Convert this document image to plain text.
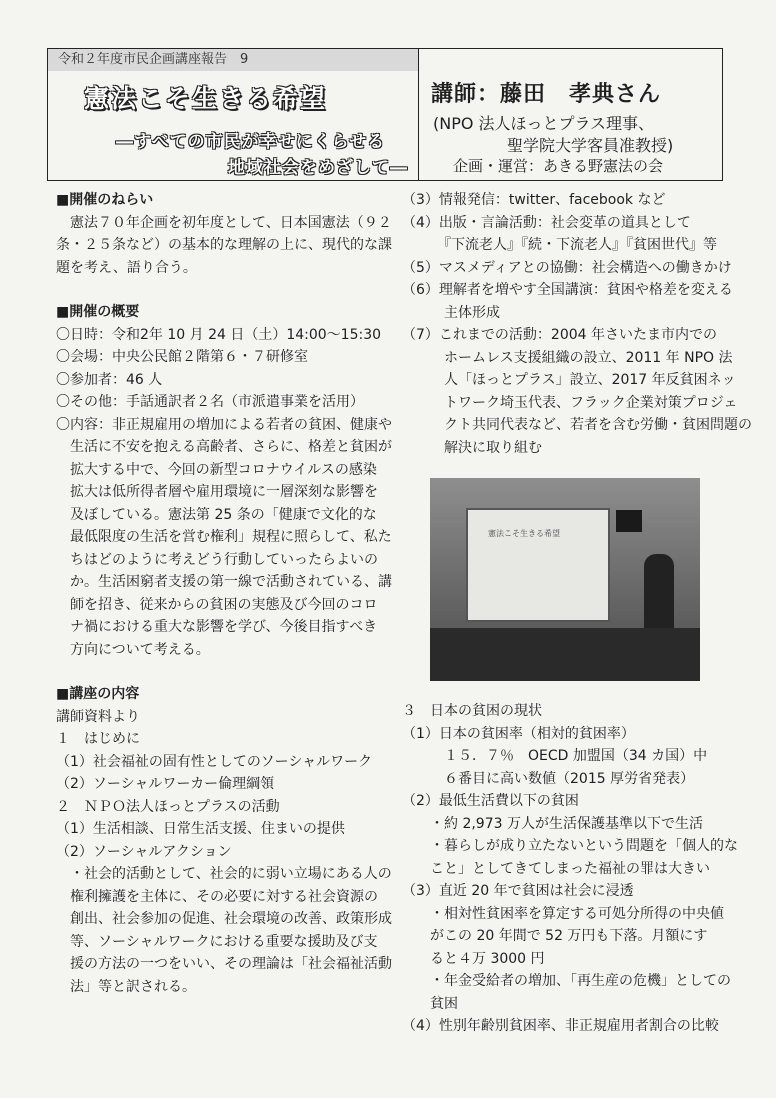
令和２年度市民企画講座報告　9
憲法こそ生きる希望
―すべての市民が幸せにくらせる
地域社会をめざして―
講師：藤田　孝典さん
(NPO 法人ほっとプラス理事、
聖学院大学客員准教授)
企画・運営：あきる野憲法の会

■開催のねらい

　憲法７０年企画を初年度として、日本国憲法（９２

条・２５条など）の基本的な理解の上に、現代的な課

題を考え、語り合う。

■開催の概要

〇日時：令和2年 10 月 24 日（土）14:00～15:30

〇会場：中央公民館２階第６・７研修室

〇参加者：46 人

〇その他：手話通訳者２名（市派遣事業を活用）

〇内容：非正規雇用の増加による若者の貧困、健康や

　生活に不安を抱える高齢者、さらに、格差と貧困が

　拡大する中で、今回の新型コロナウイルスの感染

　拡大は低所得者層や雇用環境に一層深刻な影響を

　及ぼしている。憲法第 25 条の「健康で文化的な

　最低限度の生活を営む権利」規程に照らして、私た

　ちはどのように考えどう行動していったらよいの

　か。生活困窮者支援の第一線で活動されている、講

　師を招き、従来からの貧困の実態及び今回のコロ

　ナ禍における重大な影響を学び、今後目指すべき

　方向について考える。

■講座の内容

講師資料より

１　はじめに

（1）社会福祉の固有性としてのソーシャルワーク

（2）ソーシャルワーカー倫理綱領

２　ＮＰＯ法人ほっとプラスの活動

（1）生活相談、日常生活支援、住まいの提供

（2）ソーシャルアクション

　・社会的活動として、社会的に弱い立場にある人の

　権利擁護を主体に、その必要に対する社会資源の

　創出、社会参加の促進、社会環境の改善、政策形成

　等、ソーシャルワークにおける重要な援助及び支

　援の方法の一つをいい、その理論は「社会福祉活動

　法」等と訳される。

（3）情報発信：twitter、facebook など

（4）出版・言論活動：社会変革の道具として

　　　『下流老人』『続・下流老人』『貧困世代』等

（5）マスメディアとの協働：社会構造への働きかけ

（6）理解者を増やす全国講演：貧困や格差を変える

　　　主体形成

（7）これまでの活動：2004 年さいたま市内での

　　　ホームレス支援組織の設立、2011 年 NPO 法

　　　人「ほっとプラス」設立、2017 年反貧困ネッ

　　　トワーク埼玉代表、フラック企業対策プロジェ

　　　クト共同代表など、若者を含む労働・貧困問題の

　　　解決に取り組む

憲法こそ生きる希望

３　日本の貧困の現状

（1）日本の貧困率（相対的貧困率）

　　　１５．７％　OECD 加盟国（34 カ国）中

　　　６番目に高い数値（2015 厚労省発表）

（2）最低生活費以下の貧困

　　・約 2,973 万人が生活保護基準以下で生活

　　・暮らしが成り立たないという問題を「個人的な

　　こと」としてきてしまった福祉の罪は大きい

（3）直近 20 年で貧困は社会に浸透

　　・相対性貧困率を算定する可処分所得の中央値

　　がこの 20 年間で 52 万円も下落。月額にす

　　ると４万 3000 円

　　・年金受給者の増加、「再生産の危機」としての

　　貧困

（4）性別年齢別貧困率、非正規雇用者割合の比較
